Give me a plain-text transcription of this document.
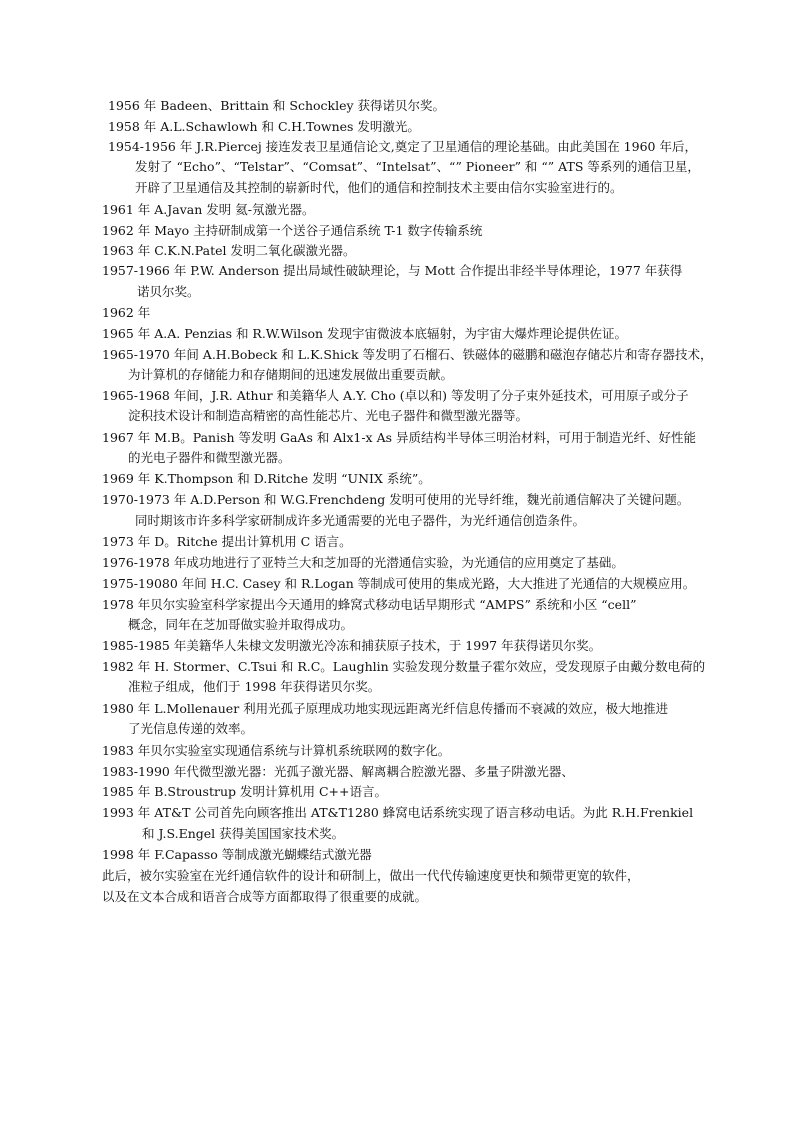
1956 年 Badeen、Brittain 和 Schockley 获得诺贝尔奖。
1958 年 A.L.Schawlowh 和 C.H.Townes 发明激光。
1954-1956 年 J.R.Piercej 接连发表卫星通信论文,奠定了卫星通信的理论基础。由此美国在 1960 年后，
发射了 “Echo”、“Telstar”、“Comsat”、“Intelsat”、“” Pioneer” 和 “” ATS 等系列的通信卫星，
开辟了卫星通信及其控制的崭新时代，他们的通信和控制技术主要由信尔实验室进行的。
1961 年 A.Javan 发明 氦-氖激光器。
1962 年 Mayo 主持研制成第一个送谷子通信系统 T-1 数字传输系统
1963 年 C.K.N.Patel 发明二氧化碳激光器。
1957-1966 年 P.W. Anderson 提出局域性破缺理论，与 Mott 合作提出非经半导体理论，1977 年获得
诺贝尔奖。
1962 年
1965 年 A.A. Penzias 和 R.W.Wilson 发现宇宙微波本底辐射，为宇宙大爆炸理论提供佐证。
1965-1970 年间 A.H.Bobeck 和 L.K.Shick 等发明了石榴石、铁磁体的磁鹏和磁泡存储芯片和寄存器技术，
为计算机的存储能力和存储期间的迅速发展做出重要贡献。
1965-1968 年间，J.R. Athur 和美籍华人 A.Y. Cho (卓以和) 等发明了分子束外延技术，可用原子或分子
淀积技术设计和制造高精密的高性能芯片、光电子器件和微型激光器等。
1967 年 M.B。Panish 等发明 GaAs 和 Alx1-x As 异质结构半导体三明治材料，可用于制造光纤、好性能
的光电子器件和微型激光器。
1969 年 K.Thompson 和 D.Ritche 发明 “UNIX 系统”。
1970-1973 年 A.D.Person 和 W.G.Frenchdeng 发明可使用的光导纤维，魏光前通信解决了关键问题。
同时期该市许多科学家研制成许多光通需要的光电子器件，为光纤通信创造条件。
1973 年 D。Ritche 提出计算机用 C 语言。
1976-1978 年成功地进行了亚特兰大和芝加哥的光潜通信实验，为光通信的应用奠定了基础。
1975-19080 年间 H.C. Casey 和 R.Logan 等制成可使用的集成光路，大大推进了光通信的大规模应用。
1978 年贝尔实验室科学家提出今天通用的蜂窝式移动电话早期形式 “AMPS” 系统和小区 “cell”
概念，同年在芝加哥做实验并取得成功。
1985-1985 年美籍华人朱棣文发明激光冷冻和捕获原子技术，于 1997 年获得诺贝尔奖。
1982 年 H. Stormer、C.Tsui 和 R.C。Laughlin 实验发现分数量子霍尔效应，受发现原子由戴分数电荷的
准粒子组成，他们于 1998 年获得诺贝尔奖。
1980 年 L.Mollenauer 利用光孤子原理成功地实现远距离光纤信息传播而不衰减的效应，极大地推进
了光信息传递的效率。
1983 年贝尔实验室实现通信系统与计算机系统联网的数字化。
1983-1990 年代微型激光器：光孤子激光器、解离耦合腔激光器、多量子阱激光器、
1985 年 B.Stroustrup 发明计算机用 C++语言。
1993 年 AT&T 公司首先向顾客推出 AT&T1280 蜂窝电话系统实现了语言移动电话。为此 R.H.Frenkiel
和 J.S.Engel 获得美国国家技术奖。
1998 年 F.Capasso 等制成激光蝴蝶结式激光器
此后，被尔实验室在光纤通信软件的设计和研制上，做出一代代传输速度更快和频带更宽的软件，
以及在文本合成和语音合成等方面都取得了很重要的成就。
